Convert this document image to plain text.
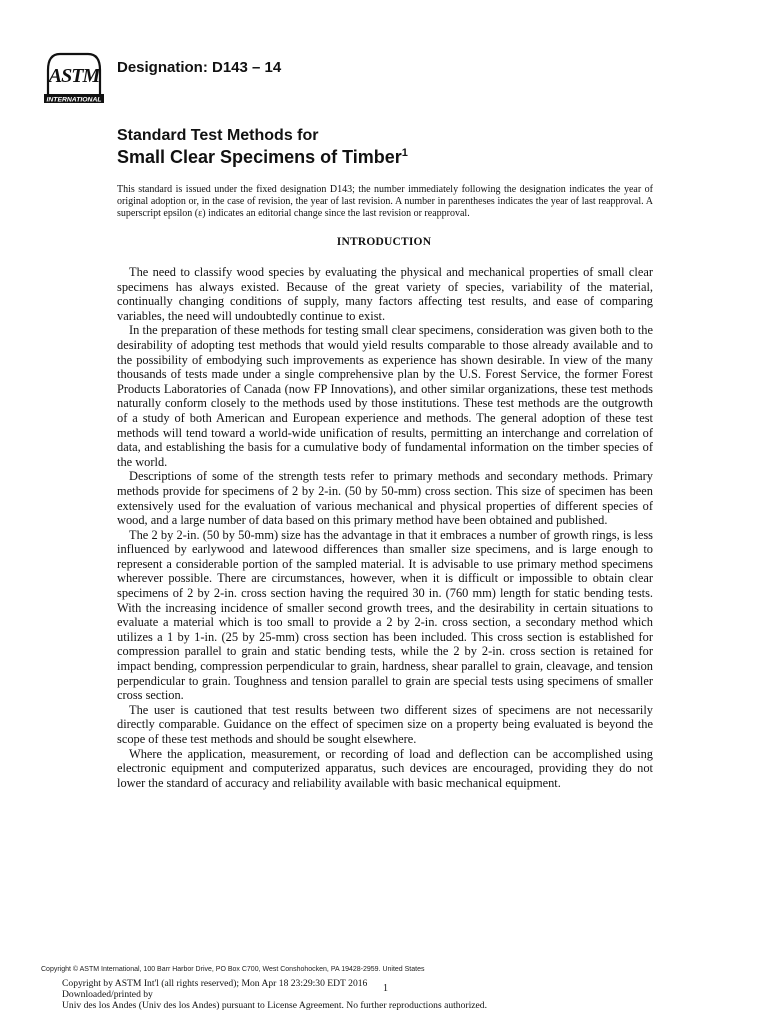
ASTM
INTERNATIONAL
Designation: D143 – 14
Standard Test Methods for
Small Clear Specimens of Timber$^1$
This standard is issued under the fixed designation D143; the number immediately following the designation indicates the year of original adoption or, in the case of revision, the year of last revision. A number in parentheses indicates the year of last reapproval. A superscript epsilon (ε) indicates an editorial change since the last revision or reapproval.
INTRODUCTION

The need to classify wood species by evaluating the physical and mechanical properties of small clear specimens has always existed. Because of the great variety of species, variability of the material, continually changing conditions of supply, many factors affecting test results, and ease of comparing variables, the need will undoubtedly continue to exist.

In the preparation of these methods for testing small clear specimens, consideration was given both to the desirability of adopting test methods that would yield results comparable to those already available and to the possibility of embodying such improvements as experience has shown desirable. In view of the many thousands of tests made under a single comprehensive plan by the U.S. Forest Service, the former Forest Products Laboratories of Canada (now FP Innovations), and other similar organizations, these test methods naturally conform closely to the methods used by those institutions. These test methods are the outgrowth of a study of both American and European experience and methods. The general adoption of these test methods will tend toward a world-wide unification of results, permitting an interchange and correlation of data, and establishing the basis for a cumulative body of fundamental information on the timber species of the world.

Descriptions of some of the strength tests refer to primary methods and secondary methods. Primary methods provide for specimens of 2 by 2-in. (50 by 50-mm) cross section. This size of specimen has been extensively used for the evaluation of various mechanical and physical properties of different species of wood, and a large number of data based on this primary method have been obtained and published.

The 2 by 2-in. (50 by 50-mm) size has the advantage in that it embraces a number of growth rings, is less influenced by earlywood and latewood differences than smaller size specimens, and is large enough to represent a considerable portion of the sampled material. It is advisable to use primary method specimens wherever possible. There are circumstances, however, when it is difficult or impossible to obtain clear specimens of 2 by 2-in. cross section having the required 30 in. (760 mm) length for static bending tests. With the increasing incidence of smaller second growth trees, and the desirability in certain situations to evaluate a material which is too small to provide a 2 by 2-in. cross section, a secondary method which utilizes a 1 by 1-in. (25 by 25-mm) cross section has been included. This cross section is established for compression parallel to grain and static bending tests, while the 2 by 2-in. cross section is retained for impact bending, compression perpendicular to grain, hardness, shear parallel to grain, cleavage, and tension perpendicular to grain. Toughness and tension parallel to grain are special tests using specimens of smaller cross section.

The user is cautioned that test results between two different sizes of specimens are not necessarily directly comparable. Guidance on the effect of specimen size on a property being evaluated is beyond the scope of these test methods and should be sought elsewhere.

Where the application, measurement, or recording of load and deflection can be accomplished using electronic equipment and computerized apparatus, such devices are encouraged, providing they do not lower the standard of accuracy and reliability available with basic mechanical equipment.

Copyright © ASTM International, 100 Barr Harbor Drive, PO Box C700, West Conshohocken, PA 19428-2959. United States
Copyright by ASTM Int'l (all rights reserved); Mon Apr 18 23:29:30 EDT 2016
Downloaded/printed by
Univ des los Andes (Univ des los Andes) pursuant to License Agreement. No further reproductions authorized.
1
